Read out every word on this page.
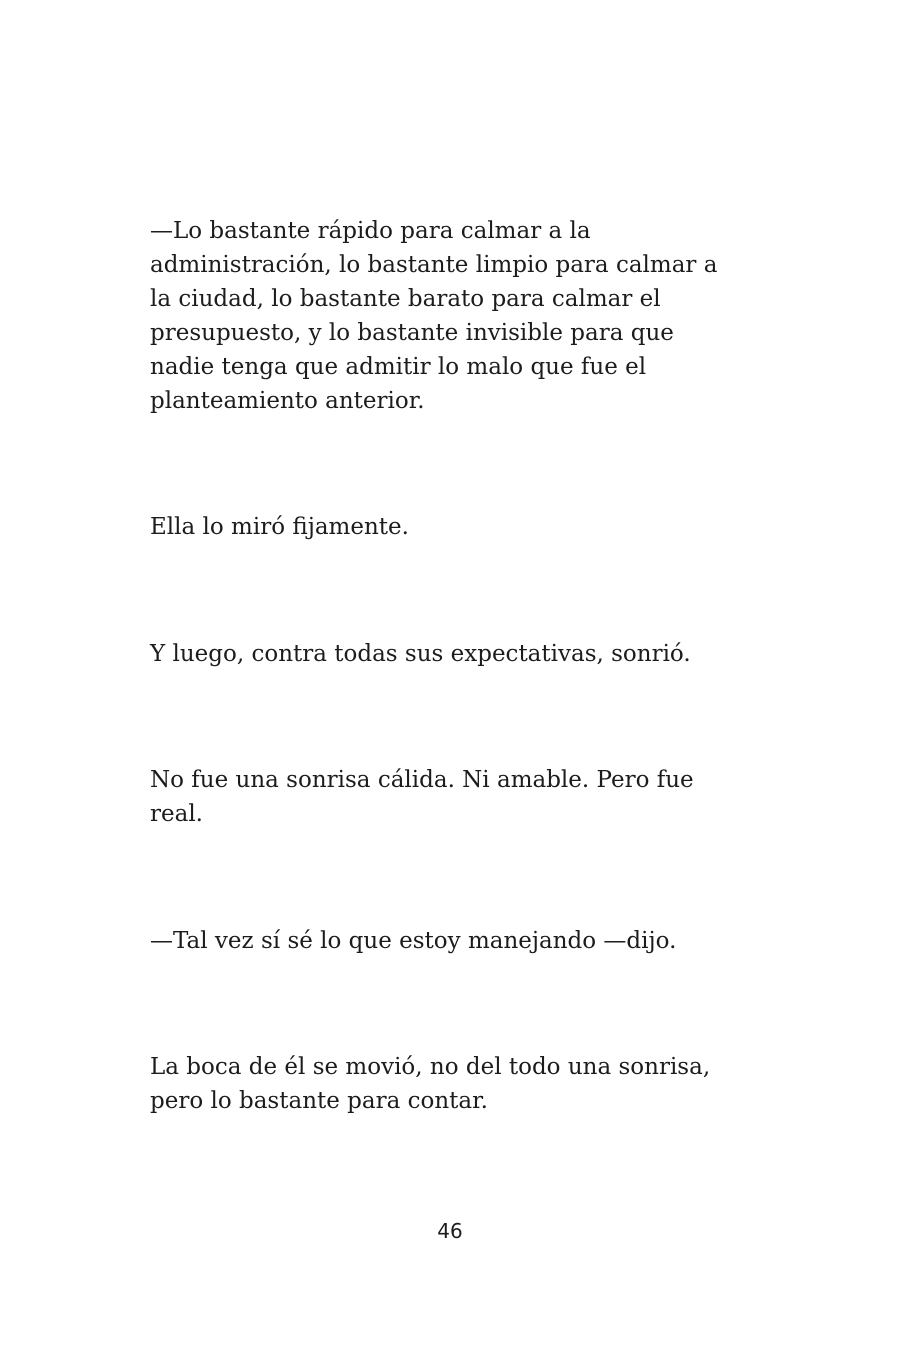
—Lo bastante rápido para calmar a la
administración, lo bastante limpio para calmar a
la ciudad, lo bastante barato para calmar el
presupuesto, y lo bastante invisible para que
nadie tenga que admitir lo malo que fue el
planteamiento anterior.

Ella lo miró fijamente.

Y luego, contra todas sus expectativas, sonrió.

No fue una sonrisa cálida. Ni amable. Pero fue
real.

—Tal vez sí sé lo que estoy manejando —dijo.

La boca de él se movió, no del todo una sonrisa,
pero lo bastante para contar.

46
